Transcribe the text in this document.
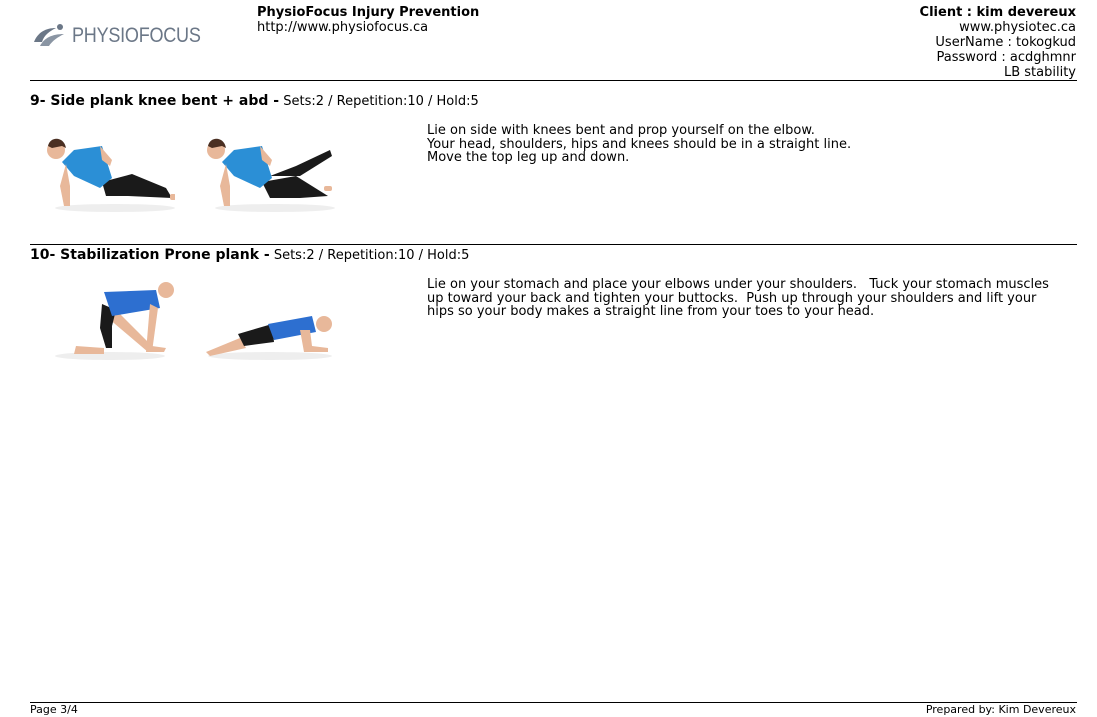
PHYSIOFOCUS
PhysioFocus Injury Prevention
http://www.physiofocus.ca
Client : kim devereux
www.physiotec.ca
UserName : tokogkud
Password : acdghmnr
LB stability
9- Side plank knee bent + abd - Sets:2 / Repetition:10 / Hold:5
Lie on side with knees bent and prop yourself on the elbow.
Your head, shoulders, hips and knees should be in a straight line.
Move the top leg up and down.
10- Stabilization Prone plank - Sets:2 / Repetition:10 / Hold:5
Lie on your stomach and place your elbows under your shoulders.   Tuck your stomach muscles
up toward your back and tighten your buttocks.  Push up through your shoulders and lift your
hips so your body makes a straight line from your toes to your head.
Page 3/4	Prepared by: Kim Devereux
